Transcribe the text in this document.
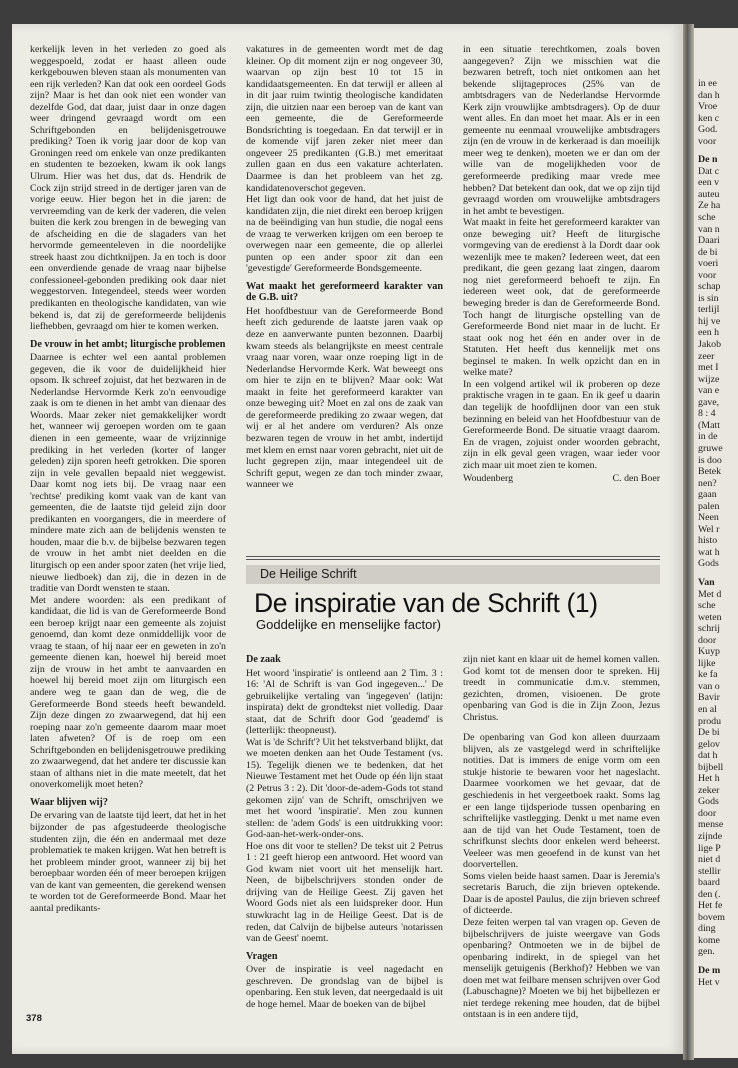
in ee
dan h
Vroe
ken c
God.
voor
De n
Dat c
een v
auteu
Ze ha
sche
van n
Daari
de bi
voeri
voor
schap
is sin
terlijl
hij ve
een h
Jakob
zeer
met I
wijze
van e
gave,
8 : 4
(Matt
in de
gruwe
is doo
Betek
nen?
gaan
palen
Neen
Wel r
histo
wat h
Gods
Van
Met d
sche
weten
schrij
door
Kuyp
lijke
ke fa
van o
Bavir
en al
produ
De bi
gelov
dat h
bijbell
Het h
zeker
Gods
door
mense
zijnde
lige P
niet d
stellir
baard
den (.
Het fe
bovem
ding
kome
gen.
De m
Het v

kerkelijk leven in het verleden zo goed als weggespoeld, zodat er haast alleen oude kerkgebouwen bleven staan als monumenten van een rijk verleden? Kan dat ook een oordeel Gods zijn? Maar is het dan ook niet een wonder van dezelfde God, dat daar, juist daar in onze dagen weer dringend gevraagd wordt om een Schriftgebonden en belijdenisgetrouwe prediking? Toen ik vorig jaar door de kop van Groningen reed om enkele van onze predikanten en studenten te bezoeken, kwam ik ook langs Ulrum. Hier was het dus, dat ds. Hendrik de Cock zijn strijd streed in de dertiger jaren van de vorige eeuw. Hier begon het in die jaren: de vervreemding van de kerk der vaderen, die velen buiten die kerk zou brengen in de beweging van de afscheiding en die de slagaders van het hervormde gemeenteleven in die noordelijke streek haast zou dichtknijpen. Ja en toch is door een onverdiende genade de vraag naar bijbelse confessioneel-gebonden prediking ook daar niet weggestorven. Integendeel, steeds weer worden predikanten en theologische kandidaten, van wie bekend is, dat zij de gereformeerde belijdenis liefhebben, gevraagd om hier te komen werken.

De vrouw in het ambt; liturgische problemen

Daarnee is echter wel een aantal problemen gegeven, die ik voor de duidelijkheid hier opsom. Ik schreef zojuist, dat het bezwaren in de Nederlandse Hervormde Kerk zo'n eenvoudige zaak is om te dienen in het ambt van dienaar des Woords. Maar zeker niet gemakkelijker wordt het, wanneer wij geroepen worden om te gaan dienen in een gemeente, waar de vrijzinnige prediking in het verleden (korter of langer geleden) zijn sporen heeft getrokken. Die sporen zijn in vele gevallen bepaald niet weggewist. Daar komt nog iets bij. De vraag naar een 'rechtse' prediking komt vaak van de kant van gemeenten, die de laatste tijd geleid zijn door predikanten en voorgangers, die in meerdere of mindere mate zich aan de belijdenis wensten te houden, maar die b.v. de bijbelse bezwaren tegen de vrouw in het ambt niet deelden en die liturgisch op een ander spoor zaten (het vrije lied, nieuwe liedboek) dan zij, die in dezen in de traditie van Dordt wensten te staan.

Met andere woorden: als een predikant of kandidaat, die lid is van de Gereformeerde Bond een beroep krijgt naar een gemeente als zojuist genoemd, dan komt deze onmiddellijk voor de vraag te staan, of hij naar eer en geweten in zo'n gemeente dienen kan, hoewel hij bereid moet zijn de vrouw in het ambt te aanvaarden en hoewel hij bereid moet zijn om liturgisch een andere weg te gaan dan de weg, die de Gereformeerde Bond steeds heeft bewandeld. Zijn deze dingen zo zwaarwegend, dat hij een roeping naar zo'n gemeente daarom maar moet laten afweten? Of is de roep om een Schriftgebonden en belijdenisgetrouwe prediking zo zwaarwegend, dat het andere ter discussie kan staan of althans niet in die mate meetelt, dat het onoverkomelijk moet heten?

Waar blijven wij?

De ervaring van de laatste tijd leert, dat het in het bijzonder de pas afgestudeerde theologische studenten zijn, die één en andermaal met deze problematiek te maken krijgen. Wat hen betreft is het probleem minder groot, wanneer zij bij het beroepbaar worden één of meer beroepen krijgen van de kant van gemeenten, die gerekend wensen te worden tot de Gereformeerde Bond. Maar het aantal predikants-

vakatures in de gemeenten wordt met de dag kleiner. Op dit moment zijn er nog ongeveer 30, waarvan op zijn best 10 tot 15 in kandidaatsgemeenten. En dat terwijl er alleen al in dit jaar ruim twintig theologische kandidaten zijn, die uitzien naar een beroep van de kant van een gemeente, die de Gereformeerde Bondsrichting is toegedaan. En dat terwijl er in de komende vijf jaren zeker niet meer dan ongeveer 25 predikanten (G.B.) met emeritaat zullen gaan en dus een vakature achterlaten. Daarmee is dan het probleem van het zg. kandidatenoverschot gegeven.

Het ligt dan ook voor de hand, dat het juist de kandidaten zijn, die niet direkt een beroep krijgen na de beëindiging van hun studie, die nogal eens de vraag te verwerken krijgen om een beroep te overwegen naar een gemeente, die op allerlei punten op een ander spoor zit dan een 'gevestigde' Gereformeerde Bondsgemeente.

Wat maakt het gereformeerd karakter van de G.B. uit?

Het hoofdbestuur van de Gereformeerde Bond heeft zich gedurende de laatste jaren vaak op deze en aanverwante punten bezonnen. Daarbij kwam steeds als belangrijkste en meest centrale vraag naar voren, waar onze roeping ligt in de Nederlandse Hervormde Kerk. Wat beweegt ons om hier te zijn en te blijven? Maar ook: Wat maakt in feite het gereformeerd karakter van onze beweging uit? Moet en zal ons de zaak van de gereformeerde prediking zo zwaar wegen, dat wij er al het andere om verduren? Als onze bezwaren tegen de vrouw in het ambt, indertijd met klem en ernst naar voren gebracht, niet uit de lucht gegrepen zijn, maar integendeel uit de Schrift geput, wegen ze dan toch minder zwaar, wanneer we

in een situatie terechtkomen, zoals boven aangegeven? Zijn we misschien wat die bezwaren betreft, toch niet ontkomen aan het bekende slijtageproces (25% van de ambtsdragers van de Nederlandse Hervormde Kerk zijn vrouwlijke ambtsdragers). Op de duur went alles. En dan moet het maar. Als er in een gemeente nu eenmaal vrouwelijke ambtsdragers zijn (en de vrouw in de kerkeraad is dan moeilijk meer weg te denken), moeten we er dan om der wille van de mogelijkheden voor de gereformeerde prediking maar vrede mee hebben? Dat betekent dan ook, dat we op zijn tijd gevraagd worden om vrouwelijke ambtsdragers in het ambt te bevestigen.

Wat maakt in feite het gereformeerd karakter van onze beweging uit? Heeft de liturgische vormgeving van de eredienst à la Dordt daar ook wezenlijk mee te maken? Iedereen weet, dat een predikant, die geen gezang laat zingen, daarom nog niet gereformeerd behoeft te zijn. En iedereen weet ook, dat de gereformeerde beweging breder is dan de Gereformeerde Bond. Toch hangt de liturgische opstelling van de Gereformeerde Bond niet maar in de lucht. Er staat ook nog het één en ander over in de Statuten. Het heeft dus kennelijk met ons beginsel te maken. In welk opzicht dan en in welke mate?

In een volgend artikel wil ik proberen op deze praktische vragen in te gaan. En ik geef u daarin dan tegelijk de hoofdlijnen door van een stuk bezinning en beleid van het Hoofdbestuur van de Gereformeerde Bond. De situatie vraagt daarom. En de vragen, zojuist onder woorden gebracht, zijn in elk geval geen vragen, waar ieder voor zich maar uit moet zien te komen.

Woudenberg	C. den Boer
De Heilige Schrift
De inspiratie van de Schrift (1)
Goddelijke en menselijke factor)
De zaak

Het woord 'inspiratie' is ontleend aan 2 Tim. 3 : 16: 'Al de Schrift is van God ingegeven...' De gebruikelijke vertaling van 'ingegeven' (latijn: inspirata) dekt de grondtekst niet volledig. Daar staat, dat de Schrift door God 'geademd' is (letterlijk: theopneust).

Wat is 'de Schrift'? Uit het tekstverband blijkt, dat we moeten denken aan het Oude Testament (vs. 15). Tegelijk dienen we te bedenken, dat het Nieuwe Testament met het Oude op één lijn staat (2 Petrus 3 : 2). Dit 'door-de-adem-Gods tot stand gekomen zijn' van de Schrift, omschrijven we met het woord 'inspiratie'. Men zou kunnen stellen: de 'adem Gods' is een uitdrukking voor: God-aan-het-werk-onder-ons.

Hoe ons dit voor te stellen? De tekst uit 2 Petrus 1 : 21 geeft hierop een antwoord. Het woord van God kwam niet voort uit het menselijk hart. Neen, de bijbelschrijvers stonden onder de drijving van de Heilige Geest. Zij gaven het Woord Gods niet als een luidspreker door. Hun stuwkracht lag in de Heilige Geest. Dat is de reden, dat Calvijn de bijbelse auteurs 'notarissen van de Geest' noemt.

Vragen

Over de inspiratie is veel nagedacht en geschreven. De grondslag van de bijbel is openbaring. Een stuk leven, dat neergedaald is uit de hoge hemel. Maar de boeken van de bijbel

zijn niet kant en klaar uit de hemel komen vallen. God komt tot de mensen door te spreken. Hij treedt in communicatie d.m.v. stemmen, gezichten, dromen, visioenen. De grote openbaring van God is die in Zijn Zoon, Jezus Christus.

De openbaring van God kon alleen duurzaam blijven, als ze vastgelegd werd in schriftelijke notities. Dat is immers de enige vorm om een stukje historie te bewaren voor het nageslacht. Daarmee voorkomen we het gevaar, dat de geschiedenis in het vergeetboek raakt. Soms lag er een lange tijdsperiode tussen openbaring en schriftelijke vastlegging. Denkt u met name even aan de tijd van het Oude Testament, toen de schrifkunst slechts door enkelen werd beheerst. Veeleer was men geoefend in de kunst van het doorvertellen.

Soms vielen beide haast samen. Daar is Jeremia's secretaris Baruch, die zijn brieven optekende. Daar is de apostel Paulus, die zijn brieven schreef of dicteerde.

Deze feiten werpen tal van vragen op. Geven de bijbelschrijvers de juiste weergave van Gods openbaring? Ontmoeten we in de bijbel de openbaring indirekt, in de spiegel van het menselijk getuigenis (Berkhof)? Hebben we van doen met wat feilbare mensen schrijven over God (Labuschagne)? Moeten we bij het bijbellezen er niet terdege rekening mee houden, dat de bijbel ontstaan is in een andere tijd,

378
